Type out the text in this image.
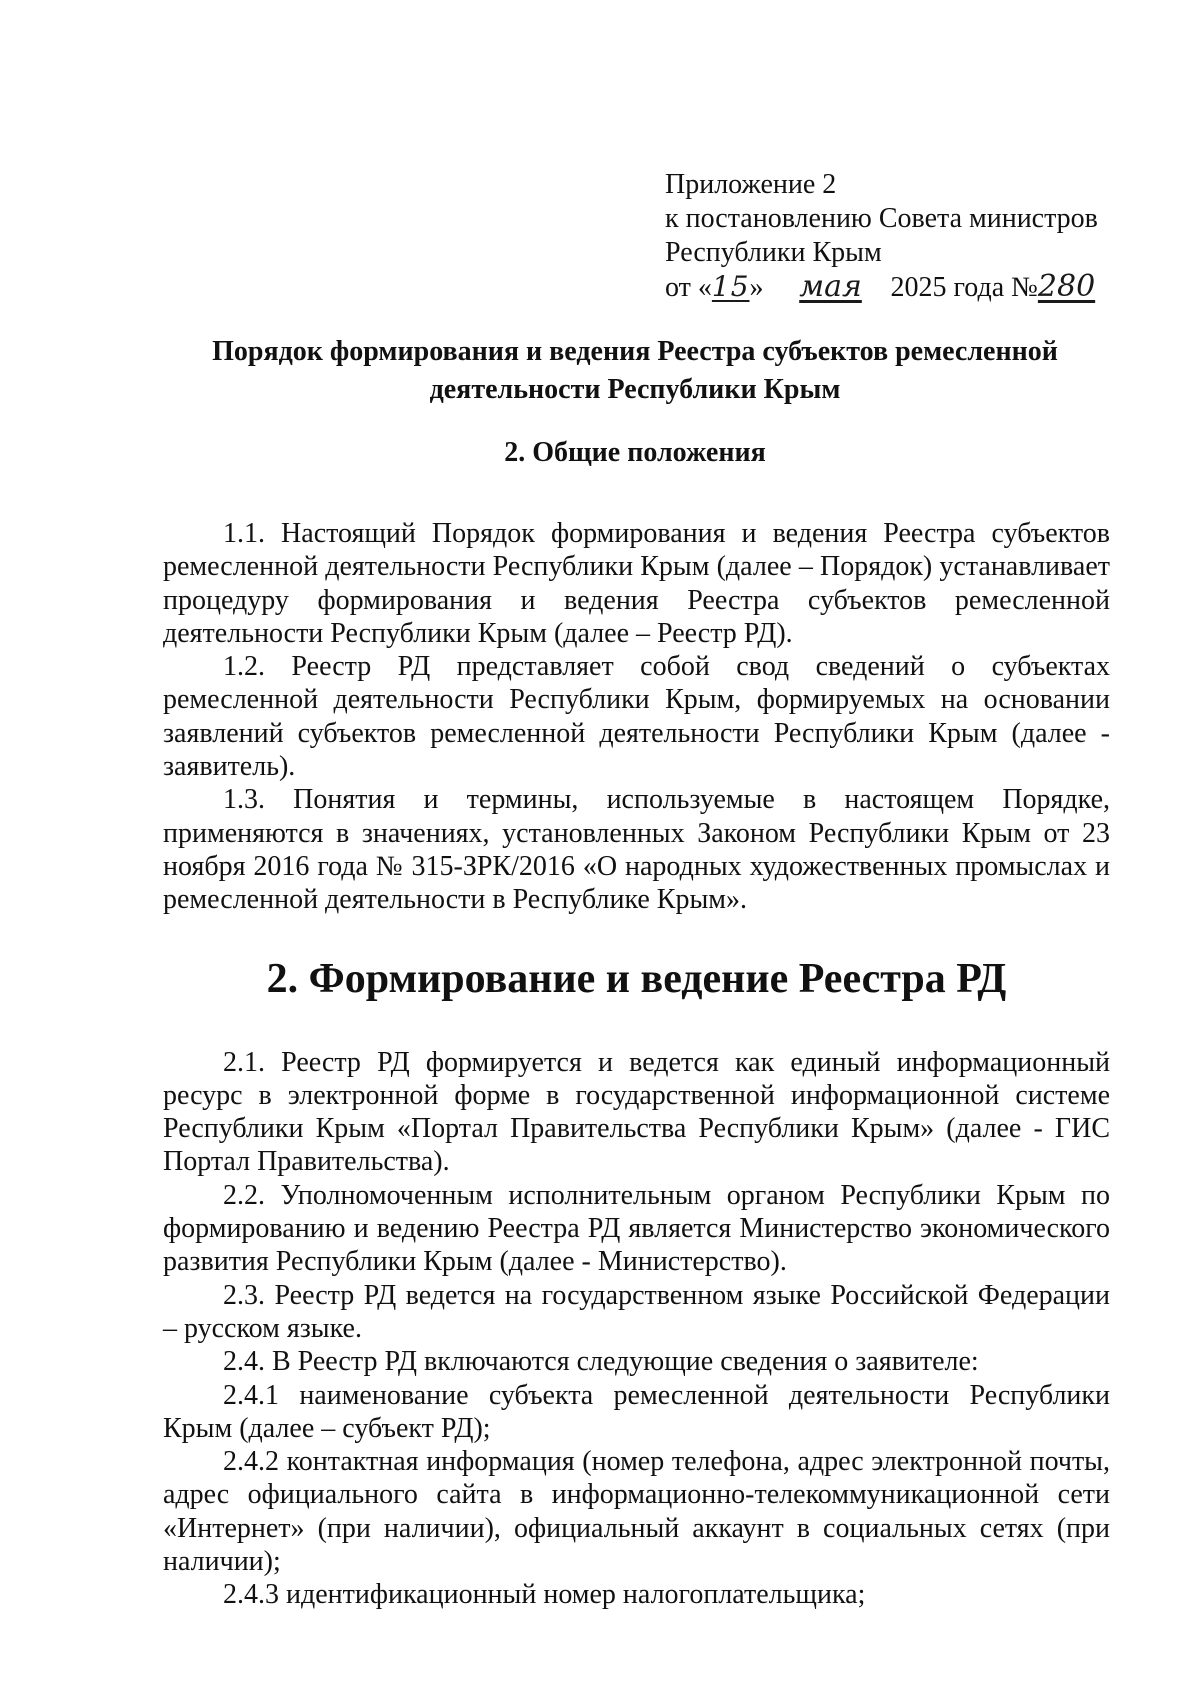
Приложение 2
к постановлению Совета министров
Республики Крым
от «15» мая 2025 года №280
Порядок формирования и ведения Реестра субъектов ремесленной
деятельности Республики Крым
2. Общие положения

1.1. Настоящий Порядок формирования и ведения Реестра субъектов ремесленной деятельности Республики Крым (далее – Порядок) устанавливает процедуру формирования и ведения Реестра субъектов ремесленной деятельности Республики Крым (далее – Реестр РД).

1.2. Реестр РД представляет собой свод сведений о субъектах ремесленной деятельности Республики Крым, формируемых на основании заявлений субъектов ремесленной деятельности Республики Крым (далее - заявитель).

1.3. Понятия и термины, используемые в настоящем Порядке, применяются в значениях, установленных Законом Республики Крым от 23 ноября 2016 года № 315-ЗРК/2016 «О народных художественных промыслах и ремесленной деятельности в Республике Крым».

2. Формирование и ведение Реестра РД

2.1. Реестр РД формируется и ведется как единый информационный ресурс в электронной форме в государственной информационной системе Республики Крым «Портал Правительства Республики Крым» (далее - ГИС Портал Правительства).

2.2. Уполномоченным исполнительным органом Республики Крым по формированию и ведению Реестра РД является Министерство экономического развития Республики Крым (далее - Министерство).

2.3. Реестр РД ведется на государственном языке Российской Федерации – русском языке.

2.4. В Реестр РД включаются следующие сведения о заявителе:

2.4.1 наименование субъекта ремесленной деятельности Республики Крым (далее – субъект РД);

2.4.2 контактная информация (номер телефона, адрес электронной почты, адрес официального сайта в информационно-телекоммуникационной сети «Интернет» (при наличии), официальный аккаунт в социальных сетях (при наличии);

2.4.3 идентификационный номер налогоплательщика;
